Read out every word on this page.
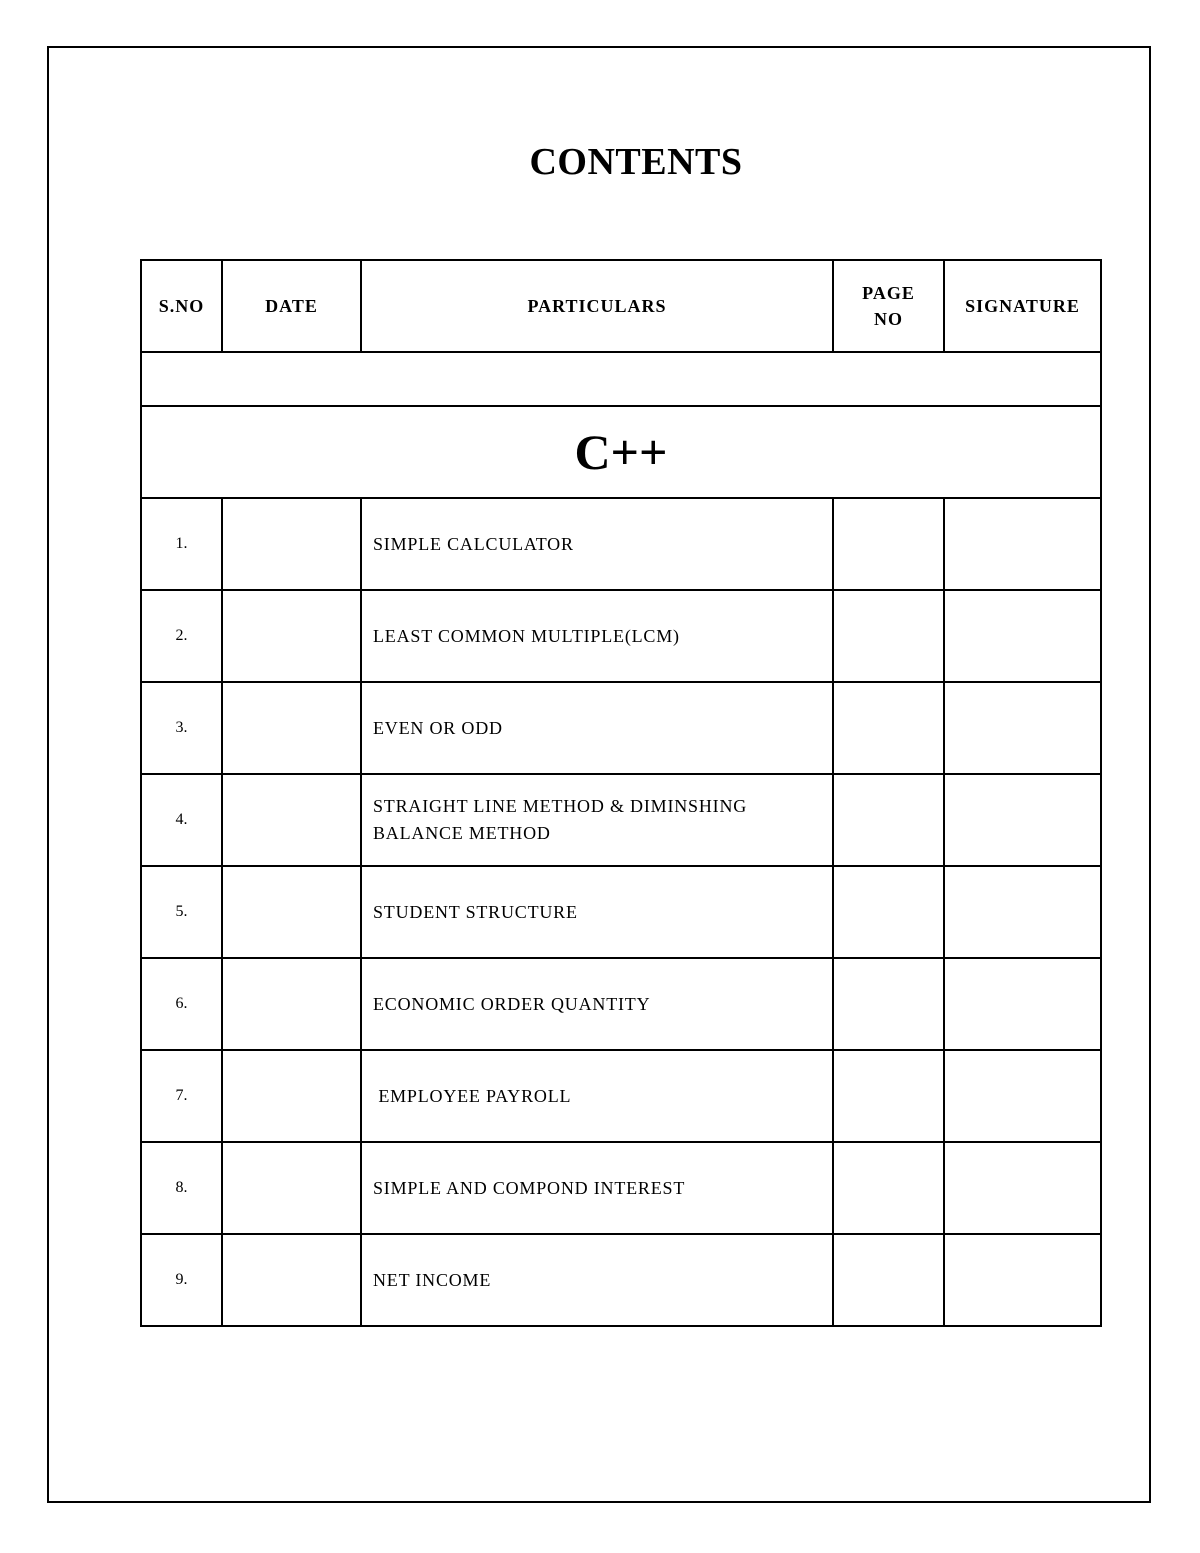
CONTENTS
S.NO	DATE	PARTICULARS	PAGE NO	SIGNATURE

C++				
1.		SIMPLE CALCULATOR		
2.		LEAST COMMON MULTIPLE(LCM)		
3.		EVEN OR ODD		
4.		STRAIGHT LINE METHOD & DIMINSHING BALANCE METHOD		
5.		STUDENT STRUCTURE		
6.		ECONOMIC ORDER QUANTITY		
7.		EMPLOYEE PAYROLL		
8.		SIMPLE AND COMPOND INTEREST		
9.		NET INCOME		
